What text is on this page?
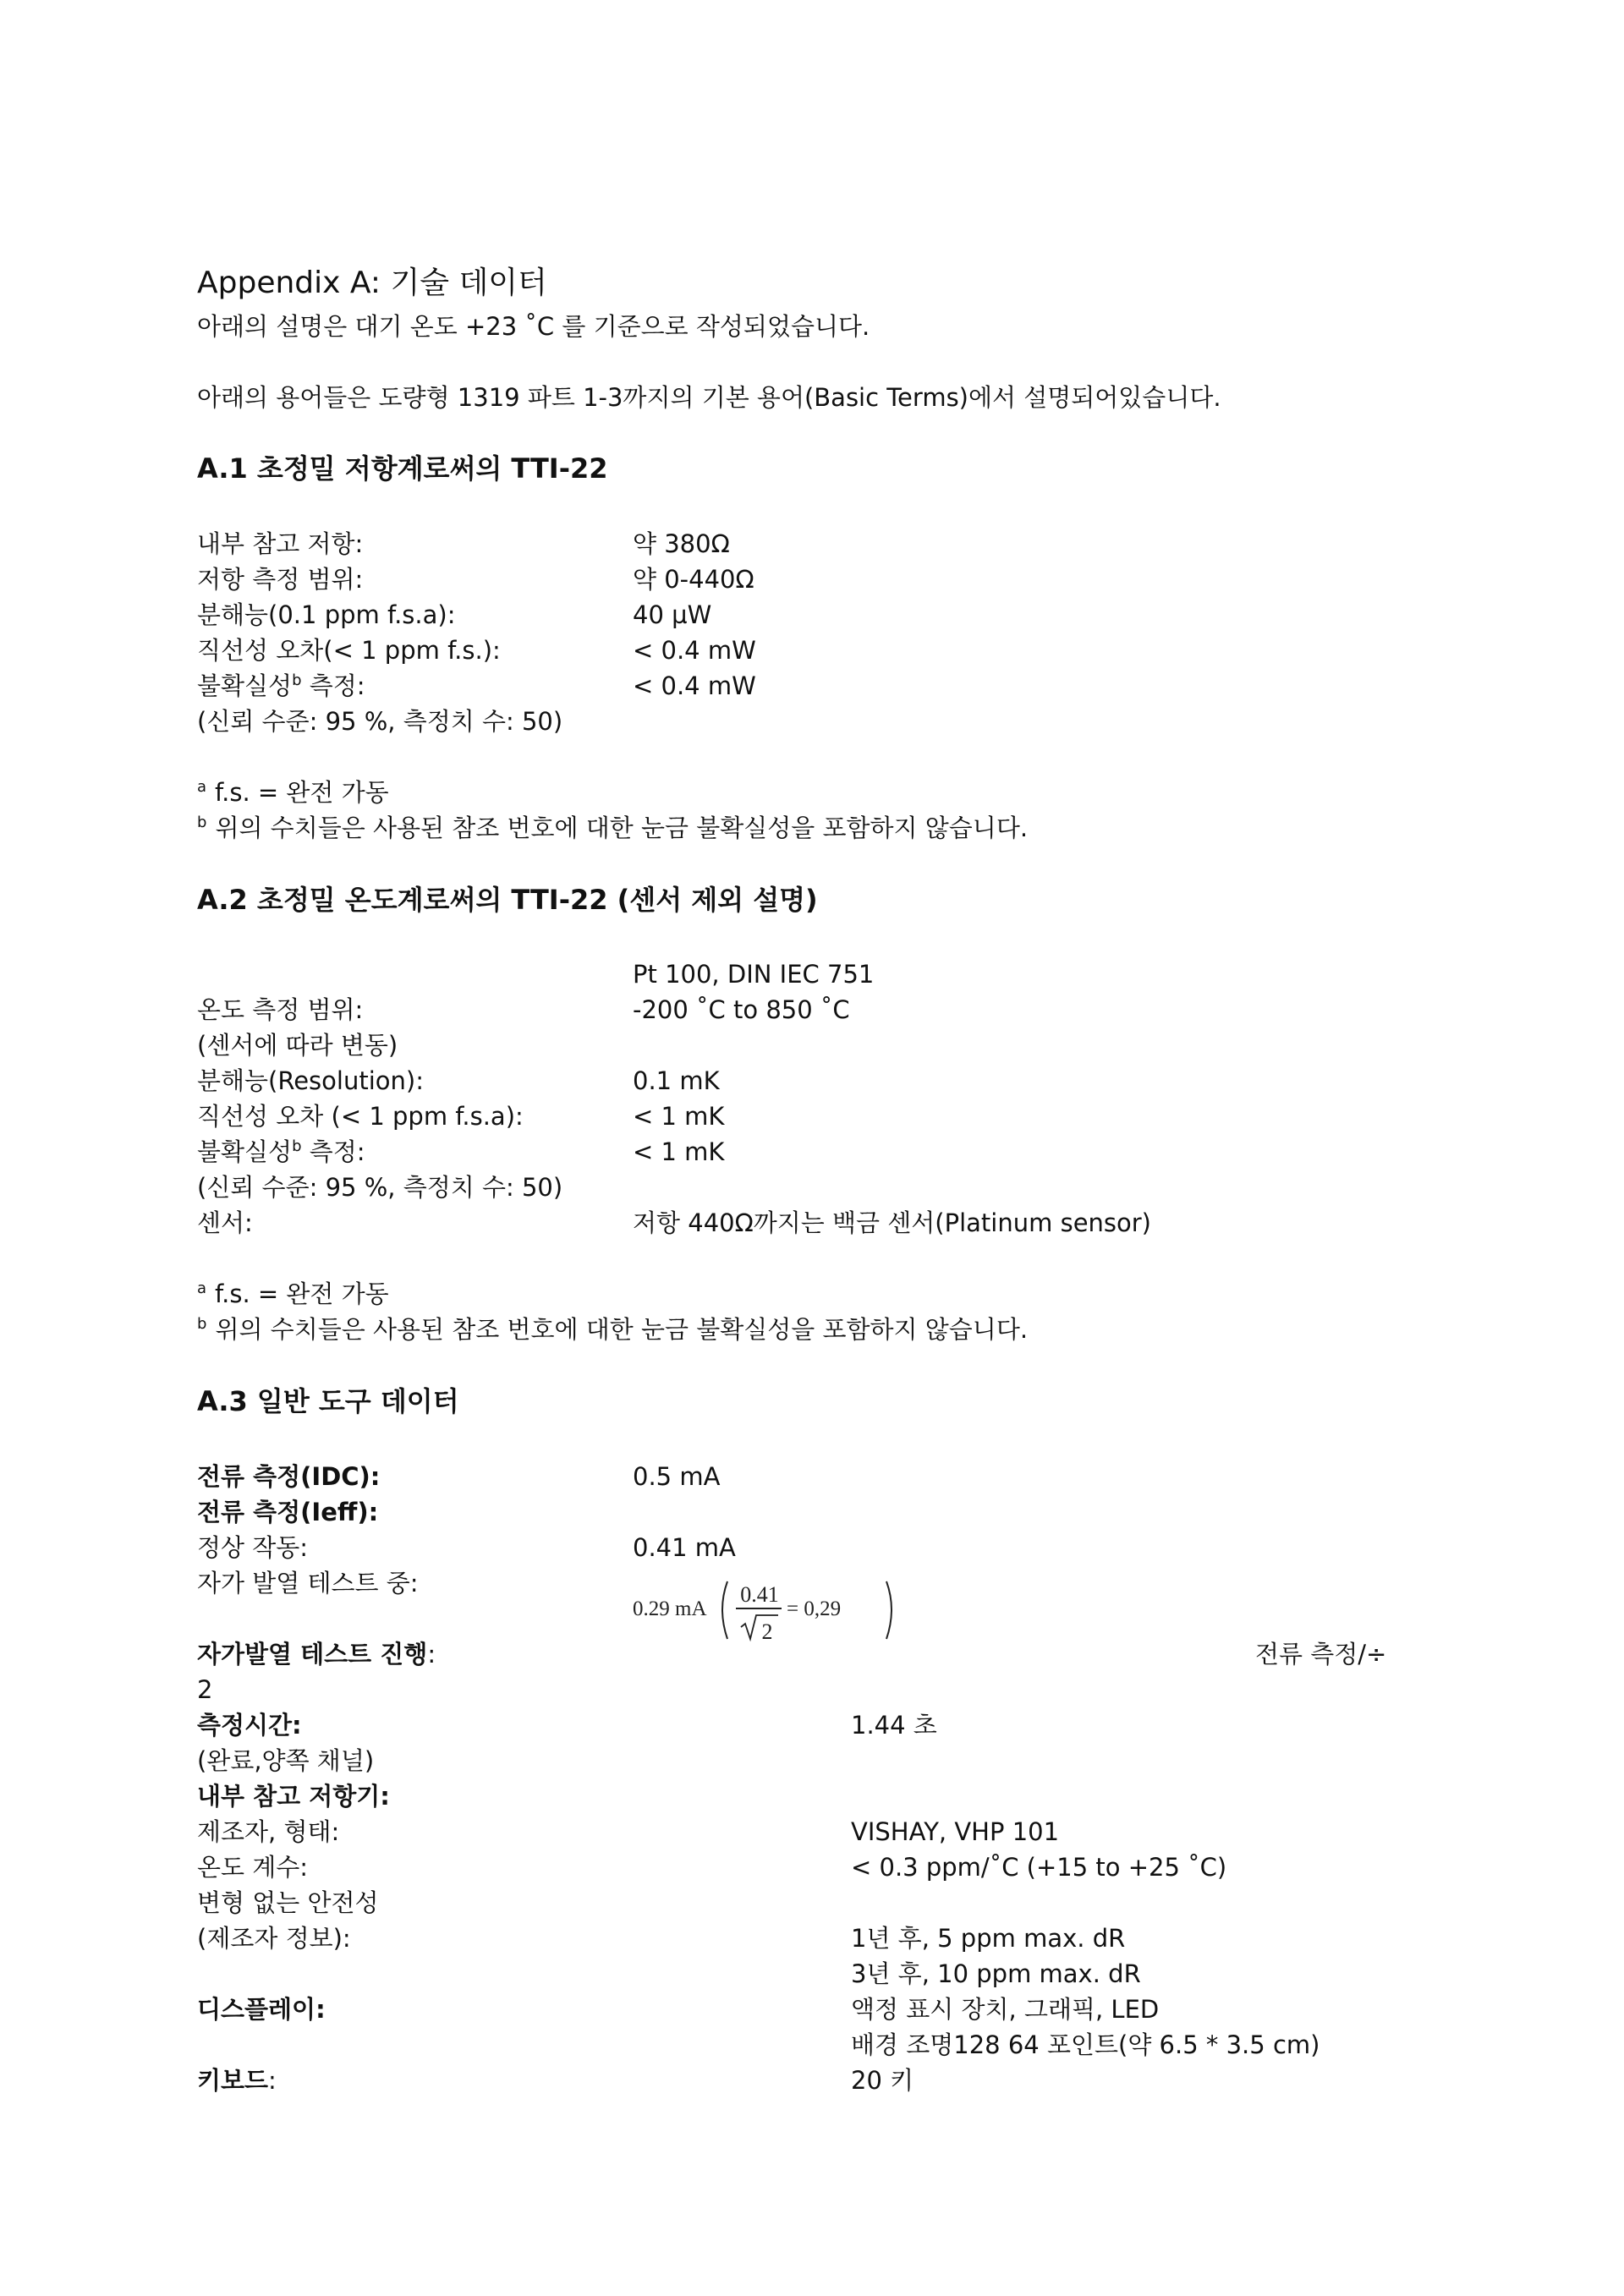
Appendix A: 기술 데이터
아래의 설명은 대기 온도 +23 ˚C 를 기준으로 작성되었습니다.
아래의 용어들은 도량형 1319 파트 1-3까지의 기본 용어(Basic Terms)에서 설명되어있습니다.
A.1 초정밀 저항계로써의 TTI-22
내부 참고 저항:	약 380Ω
저항 측정 범위:	약 0-440Ω
분해능(0.1 ppm f.s.a):	40 µW
직선성 오차(< 1 ppm f.s.):	< 0.4 mW
불확실성$^b$ 측정:	< 0.4 mW
(신뢰 수준: 95 %, 측정치 수: 50)
$^a$ f.s. = 완전 가동
$^b$ 위의 수치들은 사용된 참조 번호에 대한 눈금 불확실성을 포함하지 않습니다.
A.2 초정밀 온도계로써의 TTI-22 (센서 제외 설명)
Pt 100, DIN IEC 751
온도 측정 범위:	-200 ˚C to 850 ˚C
(센서에 따라 변동)
분해능(Resolution):	0.1 mK
직선성 오차 (< 1 ppm f.s.a):	< 1 mK
불확실성$^b$ 측정:	< 1 mK
(신뢰 수준: 95 %, 측정치 수: 50)
센서:	저항 440Ω까지는 백금 센서(Platinum sensor)
$^a$ f.s. = 완전 가동
$^b$ 위의 수치들은 사용된 참조 번호에 대한 눈금 불확실성을 포함하지 않습니다.
A.3 일반 도구 데이터
전류 측정(IDC):	0.5 mA
전류 측정(Ieff):
정상 작동:	0.41 mA
자가 발열 테스트 중:
0.29 mA
0.41
2
= 0,29
자가발열 테스트 진행:	전류 측정/÷
2
측정시간:	1.44 초
(완료,양쪽 채널)
내부 참고 저항기:
제조자, 형태:	VISHAY, VHP 101
온도 계수:	< 0.3 ppm/˚C (+15 to +25 ˚C)
변형 없는 안전성
(제조자 정보):	1년 후, 5 ppm max. dR
3년 후, 10 ppm max. dR
디스플레이:	액정 표시 장치, 그래픽, LED
배경 조명128 64 포인트(약 6.5 * 3.5 cm)
키보드:	20 키
